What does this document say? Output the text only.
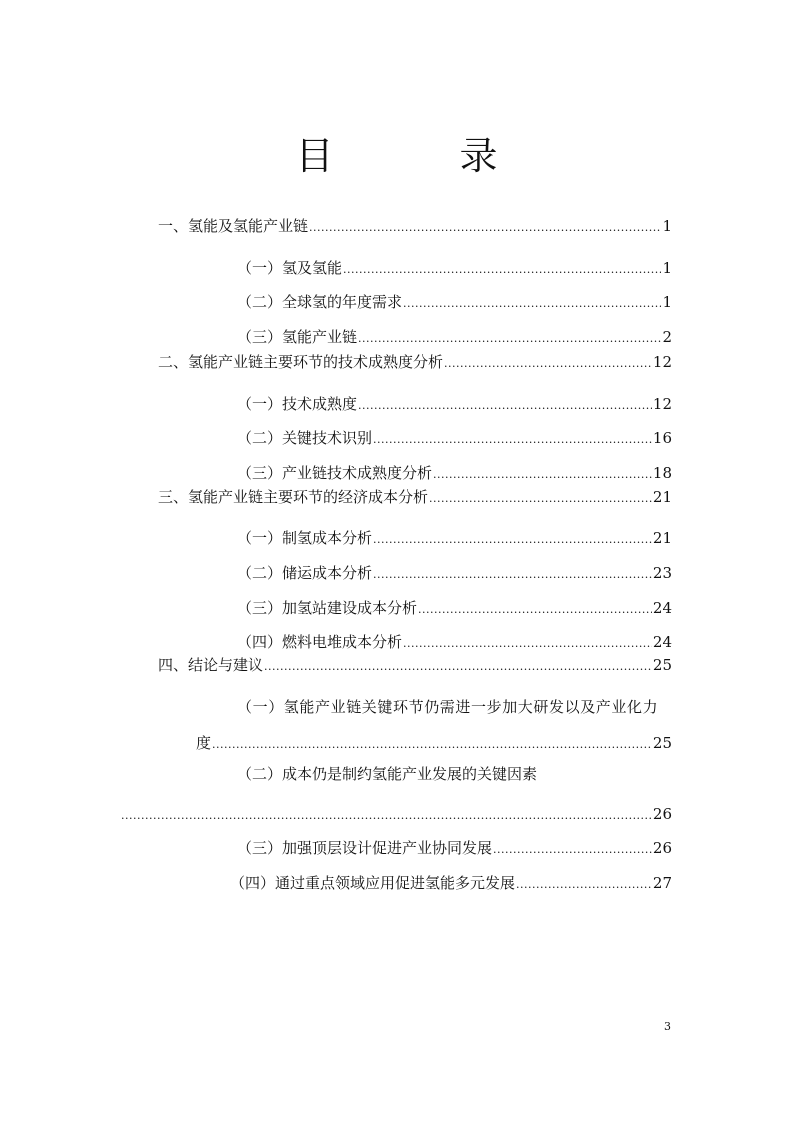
目　录
一、氢能及氢能产业链 .....	1
（一）氢及氢能 .....	1
（二）全球氢的年度需求 .....	1
（三）氢能产业链 .....	2
二、氢能产业链主要环节的技术成熟度分析 .....	12
（一）技术成熟度 .....	12
（二）关键技术识别 .....	16
（三）产业链技术成熟度分析 .....	18
三、氢能产业链主要环节的经济成本分析 .....	21
（一）制氢成本分析 .....	21
（二）储运成本分析 .....	23
（三）加氢站建设成本分析 .....	24
（四）燃料电堆成本分析 .....	24
四、结论与建议 .....	25
（一）氢能产业链关键环节仍需进一步加大研发以及产业化力
度 .....	25
（二）成本仍是制约氢能产业发展的关键因素
.....
26
（三）加强顶层设计促进产业协同发展 .....	26
（四）通过重点领域应用促进氢能多元发展 .....	27
3
